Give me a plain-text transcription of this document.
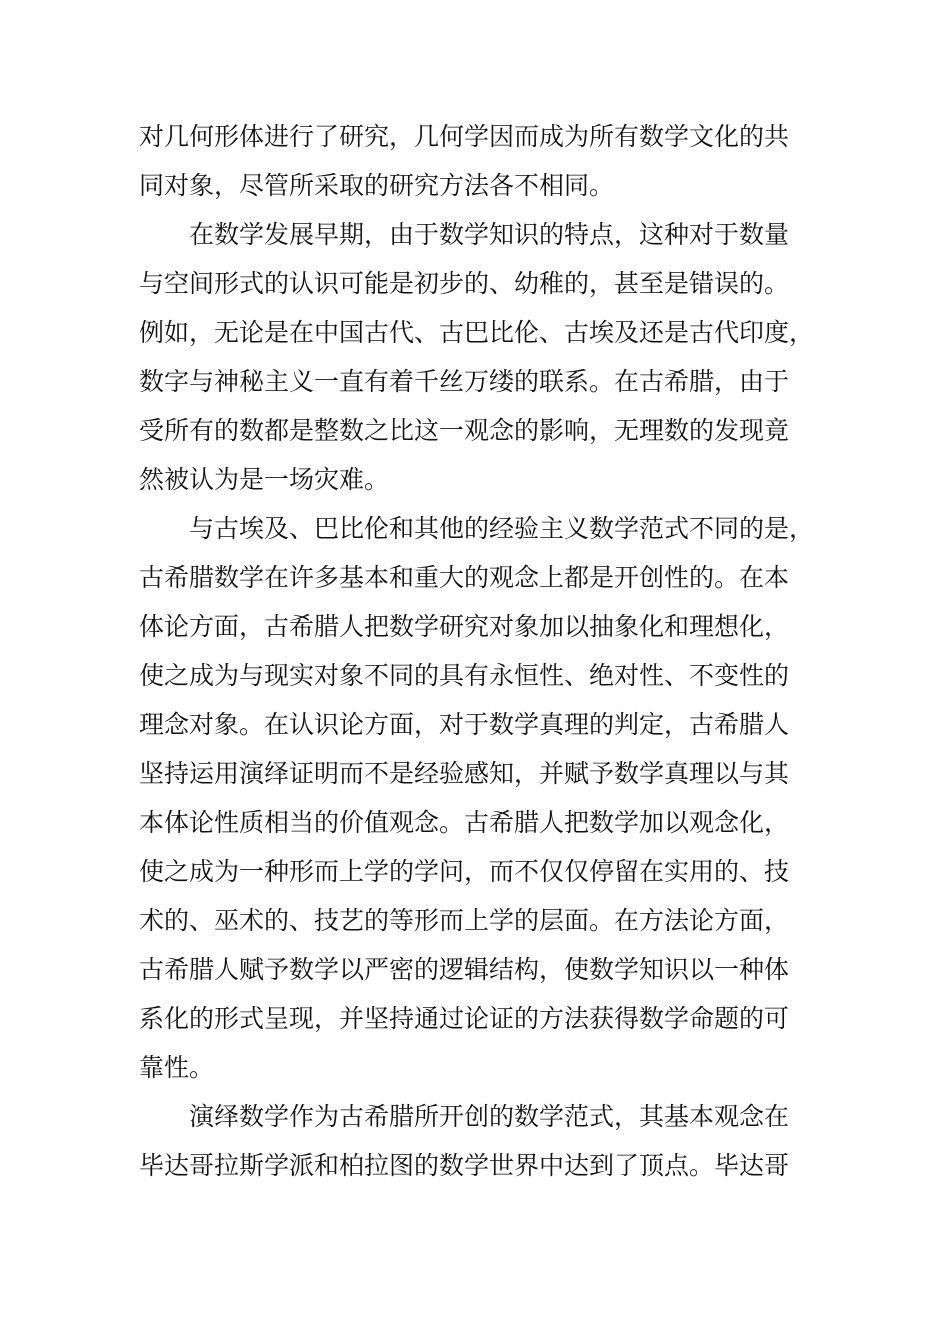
对几何形体进行了研究，几何学因而成为所有数学文化的共
同对象，尽管所采取的研究方法各不相同。
在数学发展早期，由于数学知识的特点，这种对于数量
与空间形式的认识可能是初步的、幼稚的，甚至是错误的。
例如，无论是在中国古代、古巴比伦、古埃及还是古代印度，
数字与神秘主义一直有着千丝万缕的联系。在古希腊，由于
受所有的数都是整数之比这一观念的影响，无理数的发现竟
然被认为是一场灾难。
与古埃及、巴比伦和其他的经验主义数学范式不同的是，
古希腊数学在许多基本和重大的观念上都是开创性的。在本
体论方面，古希腊人把数学研究对象加以抽象化和理想化，
使之成为与现实对象不同的具有永恒性、绝对性、不变性的
理念对象。在认识论方面，对于数学真理的判定，古希腊人
坚持运用演绎证明而不是经验感知，并赋予数学真理以与其
本体论性质相当的价值观念。古希腊人把数学加以观念化，
使之成为一种形而上学的学问，而不仅仅停留在实用的、技
术的、巫术的、技艺的等形而上学的层面。在方法论方面，
古希腊人赋予数学以严密的逻辑结构，使数学知识以一种体
系化的形式呈现，并坚持通过论证的方法获得数学命题的可
靠性。
演绎数学作为古希腊所开创的数学范式，其基本观念在
毕达哥拉斯学派和柏拉图的数学世界中达到了顶点。毕达哥
